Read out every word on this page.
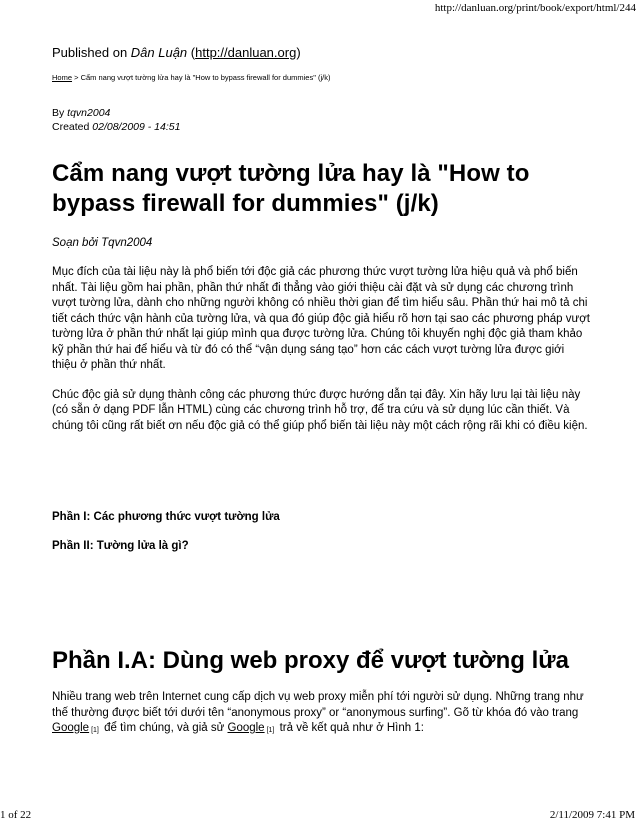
http://danluan.org/print/book/export/html/244
Published on Dân Luận (http://danluan.org)
Home > Cẩm nang vượt tường lửa hay là "How to bypass firewall for dummies" (j/k)
By tqvn2004
Created 02/08/2009 - 14:51
Cẩm nang vượt tường lửa hay là "How to bypass firewall for dummies" (j/k)
Soạn bởi Tqvn2004

Mục đích của tài liệu này là phổ biến tới độc giả các phương thức vượt tường lửa hiệu quả và phổ biến nhất. Tài liệu gồm hai phần, phần thứ nhất đi thẳng vào giới thiệu cài đặt và sử dụng các chương trình vượt tường lửa, dành cho những người không có nhiều thời gian để tìm hiểu sâu. Phần thứ hai mô tả chi tiết cách thức vận hành của tường lửa, và qua đó giúp độc giả hiểu rõ hơn tại sao các phương pháp vượt tường lửa ở phần thứ nhất lại giúp mình qua được tường lửa. Chúng tôi khuyến nghị độc giả tham khảo kỹ phần thứ hai để hiểu và từ đó có thể “vận dụng sáng tạo” hơn các cách vượt tường lửa được giới thiệu ở phần thứ nhất.

Chúc độc giả sử dụng thành công các phương thức được hướng dẫn tại đây. Xin hãy lưu lại tài liệu này (có sẵn ở dạng PDF lẫn HTML) cùng các chương trình hỗ trợ, để tra cứu và sử dụng lúc cần thiết. Và chúng tôi cũng rất biết ơn nếu độc giả có thể giúp phổ biến tài liệu này một cách rộng rãi khi có điều kiện.

Phần I: Các phương thức vượt tường lửa
Phần II: Tường lửa là gì?
Phần I.A: Dùng web proxy để vượt tường lửa

Nhiều trang web trên Internet cung cấp dịch vụ web proxy miễn phí tới người sử dụng. Những trang như thế thường được biết tới dưới tên “anonymous proxy” or “anonymous surfing”. Gõ từ khóa đó vào trang Google [1] để tìm chúng, và giả sử Google [1] trả về kết quả như ở Hình 1:

1 of 22	2/11/2009 7:41 PM
